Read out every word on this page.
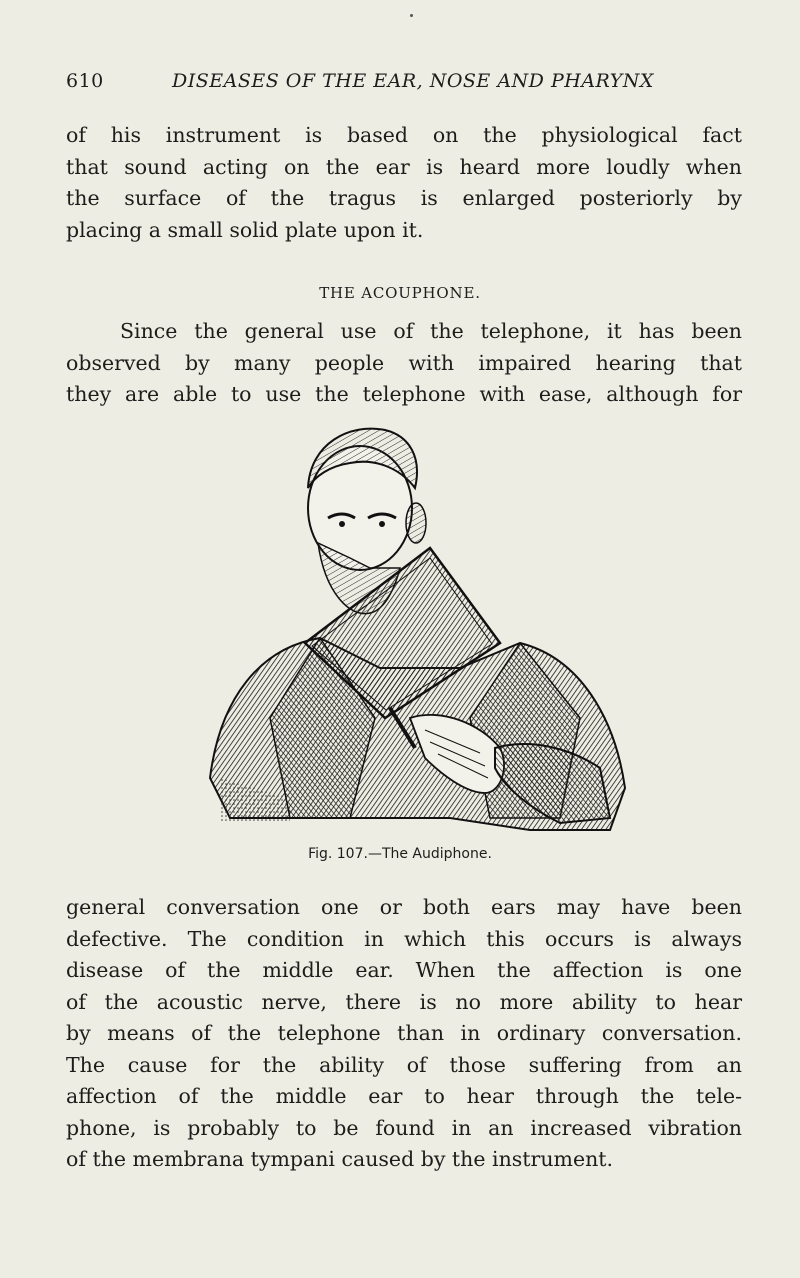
610	DISEASES OF THE EAR, NOSE AND PHARYNX

of his instrument is based on the physiological fact
that sound acting on the ear is heard more loudly when
the surface of the tragus is enlarged posteriorly by
placing a small solid plate upon it.

THE ACOUPHONE.

Since the general use of the telephone, it has been
observed by many people with impaired hearing that
they are able to use the telephone with ease, although for

Fig. 107.—The Audiphone.

general conversation one or both ears may have been
defective. The condition in which this occurs is always
disease of the middle ear. When the affection is one
of the acoustic nerve, there is no more ability to hear
by means of the telephone than in ordinary conversation.
The cause for the ability of those suffering from an
affection of the middle ear to hear through the tele-
phone, is probably to be found in an increased vibration
of the membrana tympani caused by the instrument.
